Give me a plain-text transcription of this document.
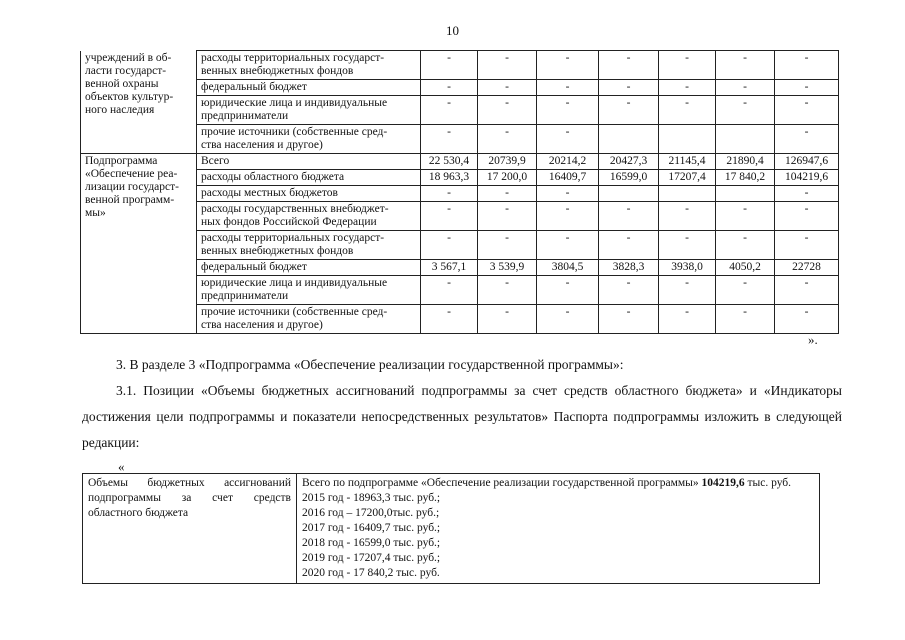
10
учреждений в об-
ласти государст-
венной охраны
объектов культур-
ного наследия	расходы территориальных государст-
венных внебюджетных фондов	-	-	-	-	-	-	-
	федеральный бюджет	-	-	-	-	-	-	-
	юридические лица и индивидуальные
предприниматели	-	-	-	-	-	-	-
	прочие источники (собственные сред-
ства населения и другое)	-	-	-				-
Подпрограмма
«Обеспечение реа-
лизации государст-
венной программ-
мы»	Всего	22 530,4	20739,9	20214,2	20427,3	21145,4	21890,4	126947,6
	расходы областного бюджета	18 963,3	17 200,0	16409,7	16599,0	17207,4	17 840,2	104219,6
	расходы местных бюджетов	-	-	-				-
	расходы государственных внебюджет-
ных фондов Российской Федерации	-	-	-	-	-	-	-
	расходы территориальных государст-
венных внебюджетных фондов	-	-	-	-	-	-	-
	федеральный бюджет	3 567,1	3 539,9	3804,5	3828,3	3938,0	4050,2	22728
	юридические лица и индивидуальные
предприниматели	-	-	-	-	-	-	-
	прочие источники (собственные сред-
ства населения и другое)	-	-	-	-	-	-	-
».
3. В разделе 3 «Подпрограмма «Обеспечение реализации государственной программы»:
3.1. Позиции «Объемы бюджетных ассигнований подпрограммы за счет средств областного бюджета» и «Индикаторы достижения цели подпрограммы и показатели непосредственных результатов» Паспорта подпрограммы изложить в следующей редакции:
«
Объемы бюджетных ассигнований подпрограммы за счет средств областного бюджета	Всего по подпрограмме «Обеспечение реализации государственной программы» 104219,6 тыс. руб.
2015 год - 18963,3 тыс. руб.;
2016 год – 17200,0тыс. руб.;
2017 год - 16409,7 тыс. руб.;
2018 год - 16599,0 тыс. руб.;
2019 год - 17207,4 тыс. руб.;
2020 год - 17 840,2 тыс. руб.
